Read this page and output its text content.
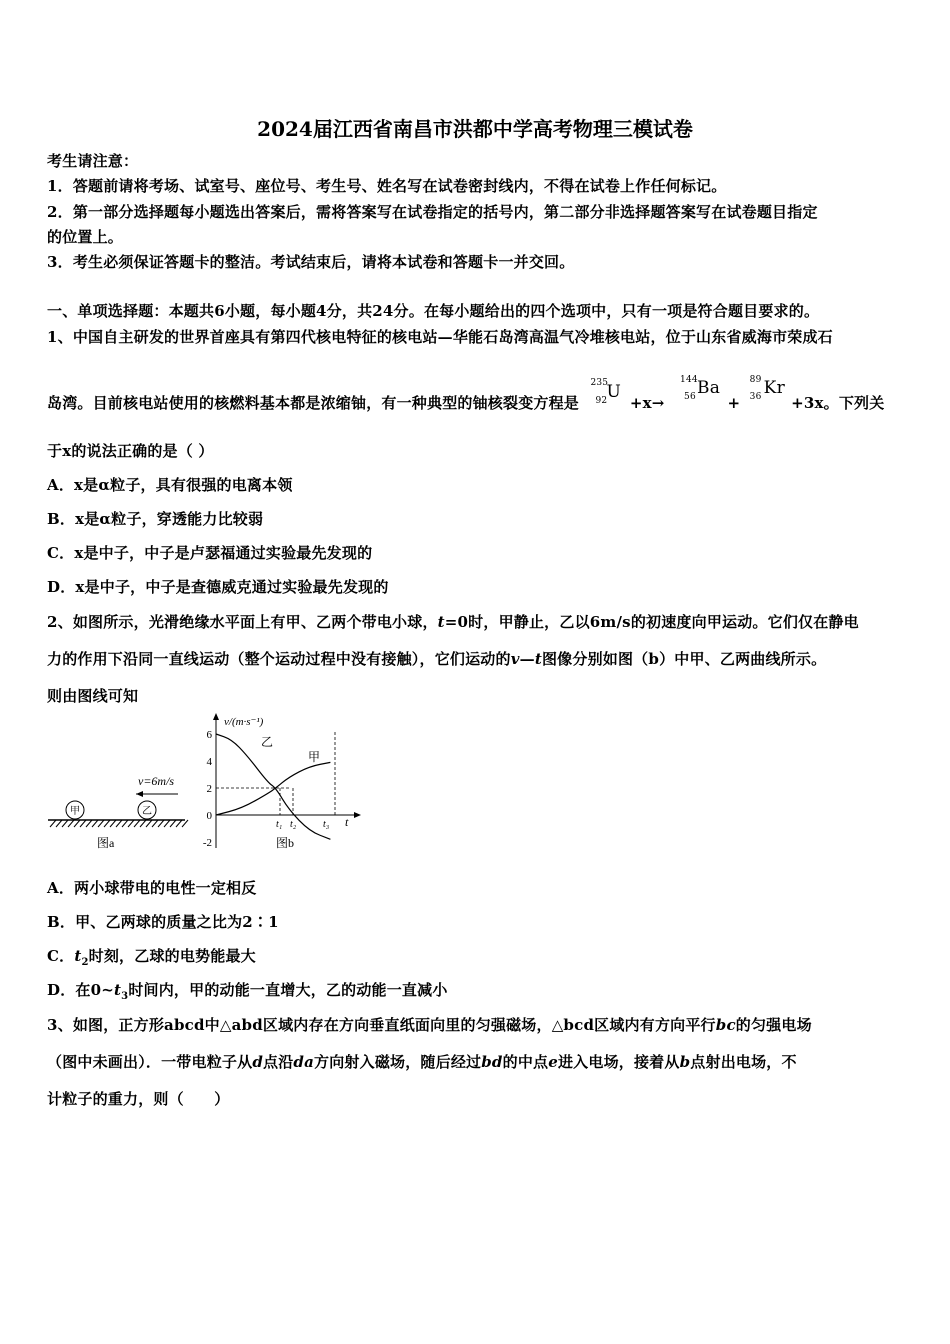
2024届江西省南昌市洪都中学高考物理三模试卷
考生请注意：
1．答题前请将考场、试室号、座位号、考生号、姓名写在试卷密封线内，不得在试卷上作任何标记。
2．第一部分选择题每小题选出答案后，需将答案写在试卷指定的括号内，第二部分非选择题答案写在试卷题目指定
的位置上。
3．考生必须保证答题卡的整洁。考试结束后，请将本试卷和答题卡一并交回。
一、单项选择题：本题共6小题，每小题4分，共24分。在每小题给出的四个选项中，只有一项是符合题目要求的。
1、中国自主研发的世界首座具有第四代核电特征的核电站—华能石岛湾高温气冷堆核电站，位于山东省威海市荣成石
岛湾。目前核电站使用的核燃料基本都是浓缩铀，有一种典型的铀核裂变方程是
235
92 U
+x→
144
56 Ba
+
89
36 Kr
+3x。下列关
于x的说法正确的是（ ）
A．x是α粒子，具有很强的电离本领
B．x是α粒子，穿透能力比较弱
C．x是中子，中子是卢瑟福通过实验最先发现的
D．x是中子，中子是查德威克通过实验最先发现的
2、如图所示，光滑绝缘水平面上有甲、乙两个带电小球，t=0时，甲静止，乙以6m/s的初速度向甲运动。它们仅在静电
力的作用下沿同一直线运动（整个运动过程中没有接触），它们运动的v—t图像分别如图（b）中甲、乙两曲线所示。
则由图线可知
v=6m/s
甲	乙
图a
v/(m·s⁻¹)
t
6
4
2
0
-2
乙
甲
t₁ t₂	t₃
图b
A．两小球带电的电性一定相反
B．甲、乙两球的质量之比为2∶1
C．$t_2$时刻，乙球的电势能最大
D．在$0\sim t_3$时间内，甲的动能一直增大，乙的动能一直减小
3、如图，正方形abcd中△abd区域内存在方向垂直纸面向里的匀强磁场，△bcd区域内有方向平行bc的匀强电场
（图中未画出）．一带电粒子从d点沿da方向射入磁场，随后经过bd的中点e进入电场，接着从b点射出电场，不
计粒子的重力，则（　　）
